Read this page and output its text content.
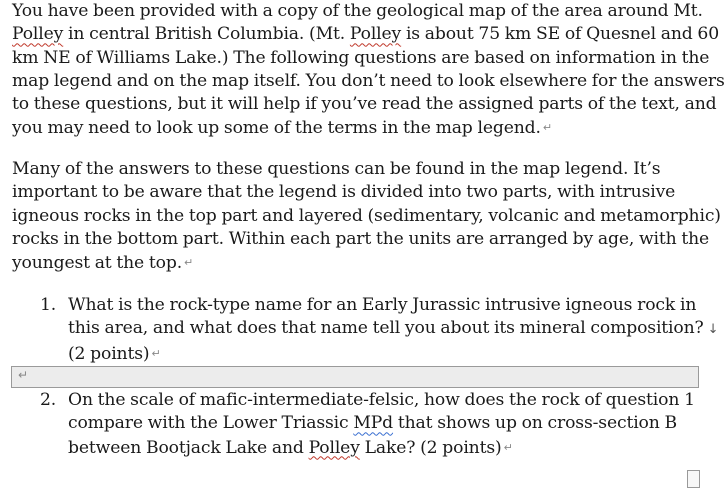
You have been provided with a copy of the geological map of the area around Mt.
Polley in central British Columbia. (Mt. Polley is about 75 km SE of Quesnel and 60
km NE of Williams Lake.) The following questions are based on information in the
map legend and on the map itself. You don’t need to look elsewhere for the answers
to these questions, but it will help if you’ve read the assigned parts of the text, and
you may need to look up some of the terms in the map legend. ↵
Many of the answers to these questions can be found in the map legend. It’s
important to be aware that the legend is divided into two parts, with intrusive
igneous rocks in the top part and layered (sedimentary, volcanic and metamorphic)
rocks in the bottom part. Within each part the units are arranged by age, with the
youngest at the top. ↵
1. What is the rock-type name for an Early Jurassic intrusive igneous rock in
this area, and what does that name tell you about its mineral composition? ↓
(2 points) ↵
↵
2. On the scale of mafic-intermediate-felsic, how does the rock of question 1
compare with the Lower Triassic MPd that shows up on cross-section B
between Bootjack Lake and Polley Lake? (2 points) ↵
